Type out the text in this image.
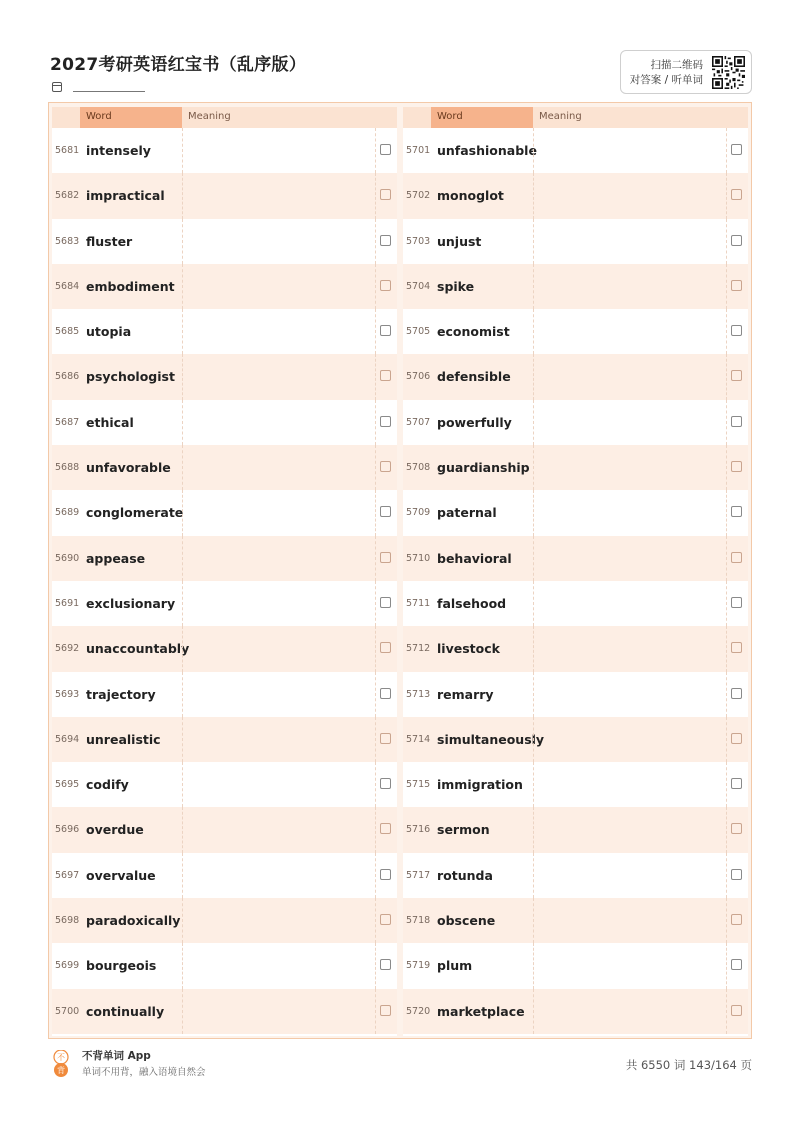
2027考研英语红宝书（乱序版）	扫描二维码
对答案 / 听单词
Word	Meaning
5681 intensely
5682 impractical
5683 fluster
5684 embodiment
5685 utopia
5686 psychologist
5687 ethical
5688 unfavorable
5689 conglomerate
5690 appease
5691 exclusionary
5692 unaccountably
5693 trajectory
5694 unrealistic
5695 codify
5696 overdue
5697 overvalue
5698 paradoxically
5699 bourgeois
5700 continually
Word	Meaning
5701 unfashionable
5702 monoglot
5703 unjust
5704 spike
5705 economist
5706 defensible
5707 powerfully
5708 guardianship
5709 paternal
5710 behavioral
5711 falsehood
5712 livestock
5713 remarry
5714 simultaneously
5715 immigration
5716 sermon
5717 rotunda
5718 obscene
5719 plum
5720 marketplace
不
背
不背单词 App
单词不用背，融入语境自然会
共 6550 词 143/164 页
